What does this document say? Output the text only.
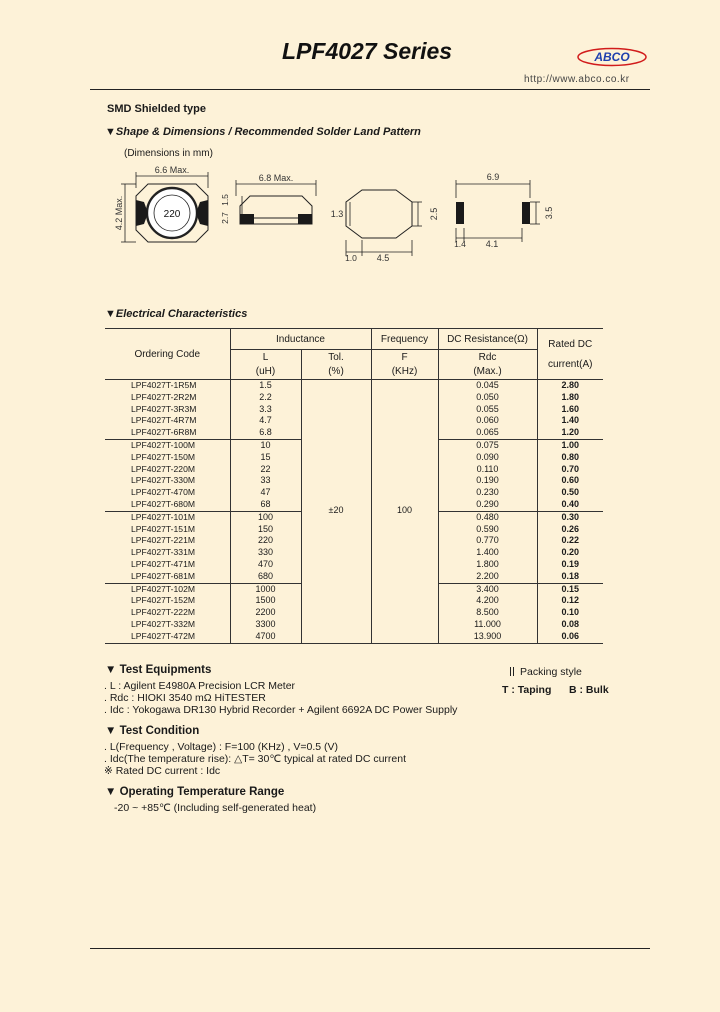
LPF4027 Series	ABCO
http://www.abco.co.kr
SMD Shielded type
▼Shape & Dimensions / Recommended Solder Land Pattern
(Dimensions in mm)
220
6.6 Max.
4.2 Max.
6.8 Max.
2.7
1.5
1.3	2.5
1.0 4.5
6.9
1.4 4.1
3.5
▼Electrical Characteristics
Ordering Code	Inductance		Frequency	DC Resistance(Ω)	Rated DC
current(A)

	L	Tol.	F	Rdc	
	(uH)	(%)	(KHz)	(Max.)	
LPF4027T-1R5M	1.5	±20	100	0.045	2.80
LPF4027T-2R2M	2.2			0.050	1.80
LPF4027T-3R3M	3.3			0.055	1.60
LPF4027T-4R7M	4.7			0.060	1.40
LPF4027T-6R8M	6.8			0.065	1.20
LPF4027T-100M	10			0.075	1.00
LPF4027T-150M	15			0.090	0.80
LPF4027T-220M	22			0.110	0.70
LPF4027T-330M	33			0.190	0.60
LPF4027T-470M	47			0.230	0.50
LPF4027T-680M	68			0.290	0.40
LPF4027T-101M	100			0.480	0.30
LPF4027T-151M	150			0.590	0.26
LPF4027T-221M	220			0.770	0.22
LPF4027T-331M	330			1.400	0.20
LPF4027T-471M	470			1.800	0.19
LPF4027T-681M	680			2.200	0.18
LPF4027T-102M	1000			3.400	0.15
LPF4027T-152M	1500			4.200	0.12
LPF4027T-222M	2200			8.500	0.10
LPF4027T-332M	3300			11.000	0.08
LPF4027T-472M	4700			13.900	0.06
▼ Test Equipments
. L : Agilent E4980A Precision LCR Meter
. Rdc : HIOKI 3540 mΩ HiTESTER
. Idc : Yokogawa DR130 Hybrid Recorder + Agilent 6692A DC Power Supply
Packing style
T : Taping B : Bulk
▼ Test Condition
. L(Frequency , Voltage) : F=100 (KHz) , V=0.5 (V)
. Idc(The temperature rise): △T= 30℃ typical at rated DC current
※ Rated DC current : Idc
▼ Operating Temperature Range
-20 ~ +85℃ (Including self-generated heat)
